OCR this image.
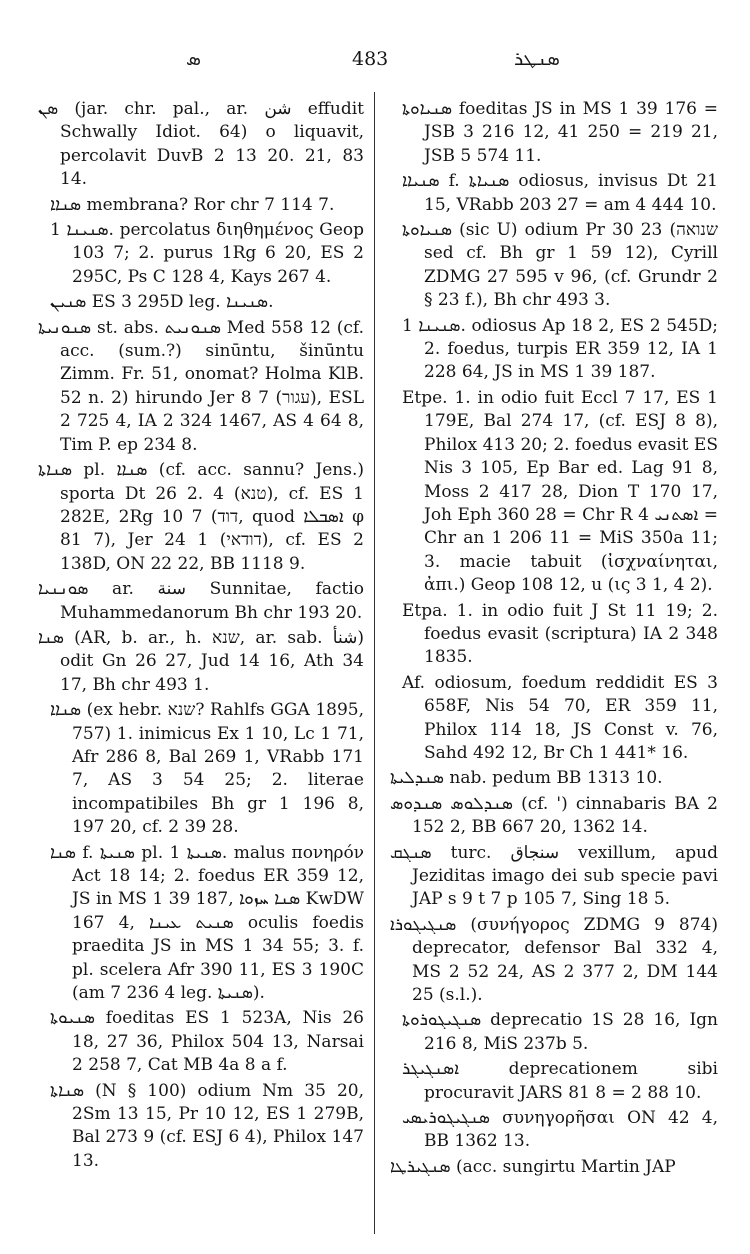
ܣ	483	ܣܢܛܪ

ܣܢ (jar. chr. pal., ar. شن effudit Schwally Idiot. 64) o liquavit, percolavit DuvB 2 13 20. 21, 83 14.

ܣܢܐܐ membrana? Ror chr 7 114 7.

ܣܢܝܢܐ 1. percolatus διηθημένος Geop 103 7; 2. purus 1Rg 6 20, ES 2 295C, Ps C 128 4, Kays 267 4.

ܣܢܝܢ ES 3 295D leg. ܣܢܝܢܐ.

ܣܢܘܢܝܬܐ st. abs. ܣܢܘܢܝܬ Med 558 12 (cf. acc. (sum.?) sinūntu, šinūntu Zimm. Fr. 51, onomat? Holma KlB. 52 n. 2) hirundo Jer 8 7 (עגור), ESL 2 725 4, IA 2 324 1467, AS 4 64 8, Tim P. ep 234 8.

ܣܢܐܬܐ pl. ܣܢܐܐ (cf. acc. sannu? Jens.) sporta Dt 26 2. 4 (טנא), cf. ES 1 282E, 2Rg 10 7 (דוד, quod ܐܣܒܠܐ φ 81 7), Jer 24 1 (דודאי), cf. ES 2 138D, ON 22 22, BB 1118 9.

ܣܘܢܢܝܐ ar. سنة Sunnitae, factio Muhammedanorum Bh chr 193 20.

ܣܢܐ (AR, b. ar., h. שנא, ar. sab. شنأ) odit Gn 26 27, Jud 14 16, Ath 34 17, Bh chr 493 1.

ܣܢܐܐ (ex hebr. שנא? Rahlfs GGA 1895, 757) 1. inimicus Ex 1 10, Lc 1 71, Afr 286 8, Bal 269 1, VRabb 171 7, AS 3 54 25; 2. literae incompatibiles Bh gr 1 196 8, 197 20, cf. 2 39 28.

ܣܢܐ f. ܣܢܝܬܐ pl. ܣܢܝܬܐ 1. malus πονηρόν Act 18 14; 2. foedus ER 359 12, JS in MS 1 39 187, ܣܢܐ ܚܙܘܐ KwDW 167 4, ܣܢܝܬ ܥܝܢܐ oculis foedis praedita JS in MS 1 34 55; 3. f. pl. scelera Afr 390 11, ES 3 190C (am 7 236 4 leg. ܣܢܝܬܐ).

ܣܢܝܘܬܐ foeditas ES 1 523A, Nis 26 18, 27 36, Philox 504 13, Narsai 2 258 7, Cat MB 4a 8 a f.

ܣܢܐܬܐ (N § 100) odium Nm 35 20, 2Sm 13 15, Pr 10 12, ES 1 279B, Bal 273 9 (cf. ESJ 6 4), Philox 147 13.

ܣܢܝܐܘܬܐ foeditas JS in MS 1 39 176 = JSB 3 216 12, 41 250 = 219 21, JSB 5 574 11.

ܣܢܝܐܐ f. ܣܢܝܐܬܐ odiosus, invisus Dt 21 15, VRabb 203 27 = am 4 444 10.

ܣܢܝܐܘܬܐ (sic U) odium Pr 30 23 (שנואה sed cf. Bh gr 1 59 12), Cyrill ZDMG 27 595 v 96, (cf. Grundr 2 § 23 f.), Bh chr 493 3.

ܣܢܝܢܐ 1. odiosus Ap 18 2, ES 2 545D; 2. foedus, turpis ER 359 12, IA 1 228 64, JS in MS 1 39 187.

Etpe. 1. in odio fuit Eccl 7 17, ES 1 179E, Bal 274 17, (cf. ESJ 8 8), Philox 413 20; 2. foedus evasit ES Nis 3 105, Ep Bar ed. Lag 91 8, Moss 2 417 28, Dion T 170 17, Joh Eph 360 28 = Chr R ܐܣܬܢܝ 4 = Chr an 1 206 11 = MiS 350a 11; 3. macie tabuit (ἰσχναίνηται, ἀπι.) Geop 108 12, u (ις 3 1, 4 2).

Etpa. 1. in odio fuit J St 11 19; 2. foedus evasit (scriptura) IA 2 348 1835.

Af. odiosum, foedum reddidit ES 3 658F, Nis 54 70, ER 359 11, Philox 114 18, JS Const v. 76, Sahd 492 12, Br Ch 1 441* 16.

ܣܢܕܠܝܬܐ nab. pedum BB 1313 10.

ܣܢܕܠܘܣ ܣܢܕܘܣ (cf. ') cinnabaris BA 2 152 2, BB 667 20, 1362 14.

ܣܢܓܩ turc. سنجاق vexillum, apud Jeziditas imago dei sub specie pavi JAP s 9 t 7 p 105 7, Sing 18 5.

ܣܢܓܝܓܘܪܐ (συνήγορος ZDMG 9 874) deprecator, defensor Bal 332 4, MS 2 52 24, AS 2 377 2, DM 144 25 (s.l.).

ܣܢܓܝܓܘܪܘܬܐ deprecatio 1S 28 16, Ign 216 8, MiS 237b 5.

ܐܣܢܓܝܓܪ deprecationem sibi procuravit JARS 81 8 = 2 88 10.

ܣܢܓܝܓܘܪܝܣܝ συνηγορῆσαι ON 42 4, BB 1362 13.

ܣܢܓܝܪܛܐ (acc. sungirtu Martin JAP
